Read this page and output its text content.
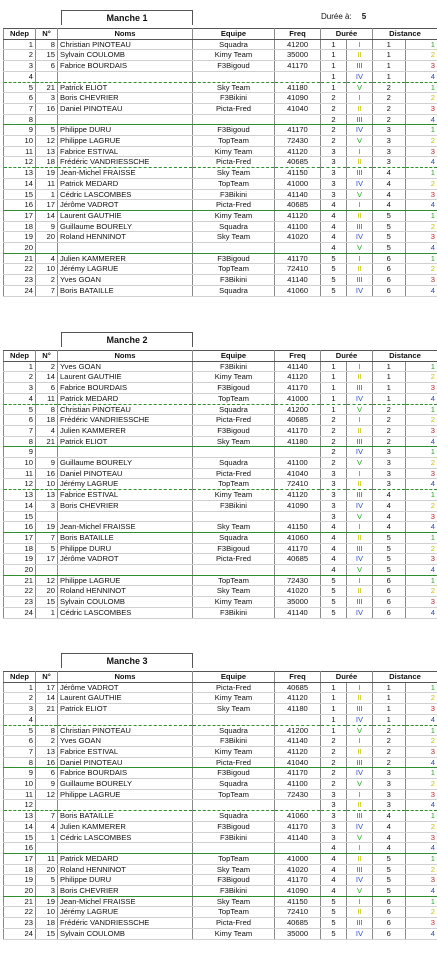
Manche 1	Durée à: 5
Ndep	N°	Noms	Equipe	Freq	Durée		Distance	
1	8	Christian PINOTEAU	Squadra	41200	1	I	1	1
2	15	Sylvain COULOMB	Kimy Team	35000	1	II	1	2
3	6	Fabrice BOURDAIS	F3Bigoud	41170	1	III	1	3
4					1	IV	1	4
5	21	Patrick ELIOT	Sky Team	41180	1	V	2	1
6	3	Boris CHEVRIER	F3Bikini	41090	2	I	2	2
7	16	Daniel PINOTEAU	Picta-Fred	41040	2	II	2	3
8					2	III	2	4
9	5	Philippe DURU	F3Bigoud	41170	2	IV	3	1
10	12	Philippe LAGRUE	TopTeam	72430	2	V	3	2
11	13	Fabrice ESTIVAL	Kimy Team	41120	3	I	3	3
12	18	Frédéric VANDRIESSCHE	Picta-Fred	40685	3	II	3	4
13	19	Jean-Michel FRAISSE	Sky Team	41150	3	III	4	1
14	11	Patrick MEDARD	TopTeam	41000	3	IV	4	2
15	1	Cédric LASCOMBES	F3Bikini	41140	3	V	4	3
16	17	Jérôme VADROT	Picta-Fred	40685	4	I	4	4
17	14	Laurent GAUTHIE	Kimy Team	41120	4	II	5	1
18	9	Guillaume BOURELY	Squadra	41100	4	III	5	2
19	20	Roland HENNINOT	Sky Team	41020	4	IV	5	3
20					4	V	5	4
21	4	Julien KAMMERER	F3Bigoud	41170	5	I	6	1
22	10	Jérémy LAGRUE	TopTeam	72410	5	II	6	2
23	2	Yves GOAN	F3Bikini	41140	5	III	6	3
24	7	Boris BATAILLE	Squadra	41060	5	IV	6	4
Manche 2
Ndep	N°	Noms	Equipe	Freq	Durée		Distance	
1	2	Yves GOAN	F3Bikini	41140	1	I	1	1
2	14	Laurent GAUTHIE	Kimy Team	41120	1	II	1	2
3	6	Fabrice BOURDAIS	F3Bigoud	41170	1	III	1	3
4	11	Patrick MEDARD	TopTeam	41000	1	IV	1	4
5	8	Christian PINOTEAU	Squadra	41200	1	V	2	1
6	18	Frédéric VANDRIESSCHE	Picta-Fred	40685	2	I	2	2
7	4	Julien KAMMERER	F3Bigoud	41170	2	II	2	3
8	21	Patrick ELIOT	Sky Team	41180	2	III	2	4
9					2	IV	3	1
10	9	Guillaume BOURELY	Squadra	41100	2	V	3	2
11	16	Daniel PINOTEAU	Picta-Fred	41040	3	I	3	3
12	10	Jérémy LAGRUE	TopTeam	72410	3	II	3	4
13	13	Fabrice ESTIVAL	Kimy Team	41120	3	III	4	1
14	3	Boris CHEVRIER	F3Bikini	41090	3	IV	4	2
15					3	V	4	3
16	19	Jean-Michel FRAISSE	Sky Team	41150	4	I	4	4
17	7	Boris BATAILLE	Squadra	41060	4	II	5	1
18	5	Philippe DURU	F3Bigoud	41170	4	III	5	2
19	17	Jérôme VADROT	Picta-Fred	40685	4	IV	5	3
20					4	V	5	4
21	12	Philippe LAGRUE	TopTeam	72430	5	I	6	1
22	20	Roland HENNINOT	Sky Team	41020	5	II	6	2
23	15	Sylvain COULOMB	Kimy Team	35000	5	III	6	3
24	1	Cédric LASCOMBES	F3Bikini	41140	5	IV	6	4
Manche 3
Ndep	N°	Noms	Equipe	Freq	Durée		Distance	
1	17	Jérôme VADROT	Picta-Fred	40685	1	I	1	1
2	14	Laurent GAUTHIE	Kimy Team	41120	1	II	1	2
3	21	Patrick ELIOT	Sky Team	41180	1	III	1	3
4					1	IV	1	4
5	8	Christian PINOTEAU	Squadra	41200	1	V	2	1
6	2	Yves GOAN	F3Bikini	41140	2	I	2	2
7	13	Fabrice ESTIVAL	Kimy Team	41120	2	II	2	3
8	16	Daniel PINOTEAU	Picta-Fred	41040	2	III	2	4
9	6	Fabrice BOURDAIS	F3Bigoud	41170	2	IV	3	1
10	9	Guillaume BOURELY	Squadra	41100	2	V	3	2
11	12	Philippe LAGRUE	TopTeam	72430	3	I	3	3
12					3	II	3	4
13	7	Boris BATAILLE	Squadra	41060	3	III	4	1
14	4	Julien KAMMERER	F3Bigoud	41170	3	IV	4	2
15	1	Cédric LASCOMBES	F3Bikini	41140	3	V	4	3
16					4	I	4	4
17	11	Patrick MEDARD	TopTeam	41000	4	II	5	1
18	20	Roland HENNINOT	Sky Team	41020	4	III	5	2
19	5	Philippe DURU	F3Bigoud	41170	4	IV	5	3
20	3	Boris CHEVRIER	F3Bikini	41090	4	V	5	4
21	19	Jean-Michel FRAISSE	Sky Team	41150	5	I	6	1
22	10	Jérémy LAGRUE	TopTeam	72410	5	II	6	2
23	18	Frédéric VANDRIESSCHE	Picta-Fred	40685	5	III	6	3
24	15	Sylvain COULOMB	Kimy Team	35000	5	IV	6	4
